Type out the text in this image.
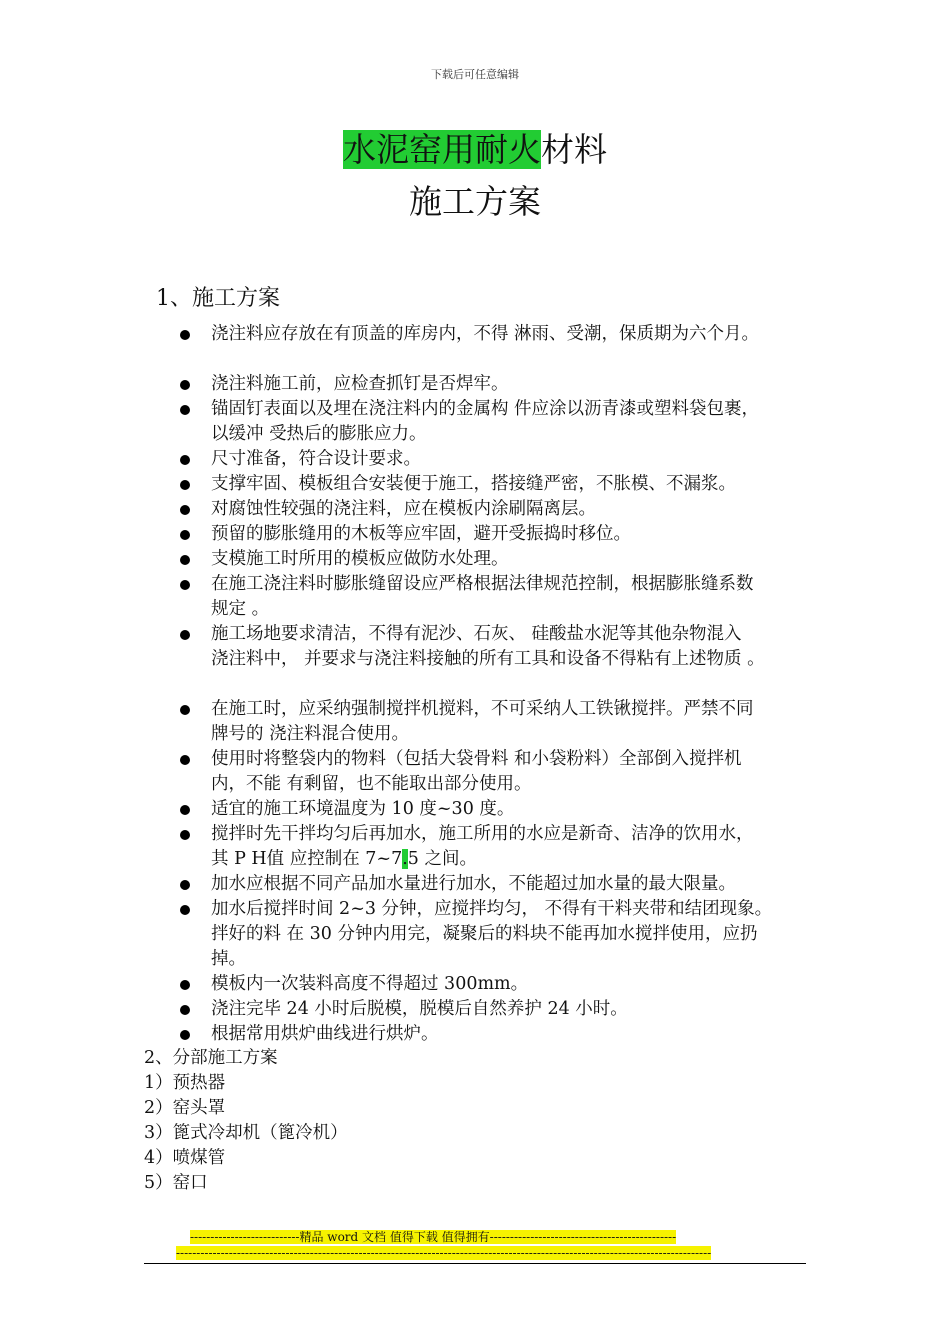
下载后可任意编辑
水泥窑用耐火材料
施工方案
1、施工方案
浇注料应存放在有顶盖的库房内，不得 淋雨、受潮，保质期为六个月。
浇注料施工前，应检查抓钉是否焊牢。
锚固钉表面以及埋在浇注料内的金属构 件应涂以沥青漆或塑料袋包裹，
以缓冲 受热后的膨胀应力。
尺寸准备，符合设计要求。
支撑牢固、模板组合安装便于施工，搭接缝严密，不胀模、不漏浆。
对腐蚀性较强的浇注料，应在模板内涂刷隔离层。
预留的膨胀缝用的木板等应牢固，避开受振捣时移位。
支模施工时所用的模板应做防水处理。
在施工浇注料时膨胀缝留设应严格根据法律规范控制，根据膨胀缝系数
规定 。
施工场地要求清洁，不得有泥沙、石灰、 硅酸盐水泥等其他杂物混入
浇注料中， 并要求与浇注料接触的所有工具和设备不得粘有上述物质 。
在施工时，应采纳强制搅拌机搅料，不可采纳人工铁锹搅拌。严禁不同
牌号的 浇注料混合使用。
使用时将整袋内的物料（包括大袋骨料 和小袋粉料）全部倒入搅拌机
内，不能 有剩留，也不能取出部分使用。
适宜的施工环境温度为 10 度~30 度。
搅拌时先干拌均匀后再加水，施工所用的水应是新奇、洁净的饮用水，
其 P H值 应控制在 7~7.5 之间。
加水应根据不同产品加水量进行加水，不能超过加水量的最大限量。
加水后搅拌时间 2~3 分钟，应搅拌均匀， 不得有干料夹带和结团现象。
拌好的料 在 30 分钟内用完，凝聚后的料块不能再加水搅拌使用，应扔
掉。
模板内一次装料高度不得超过 300mm。
浇注完毕 24 小时后脱模，脱模后自然养护 24 小时。
根据常用烘炉曲线进行烘炉。
2、分部施工方案
1）预热器
2）窑头罩
3）篦式冷却机（篦冷机）
4）喷煤管
5）窑口
---------------------------精品 word 文档 值得下载 值得拥有----------------------------------------------
------------------------------------------------------------------------------------------------------------------------------------
